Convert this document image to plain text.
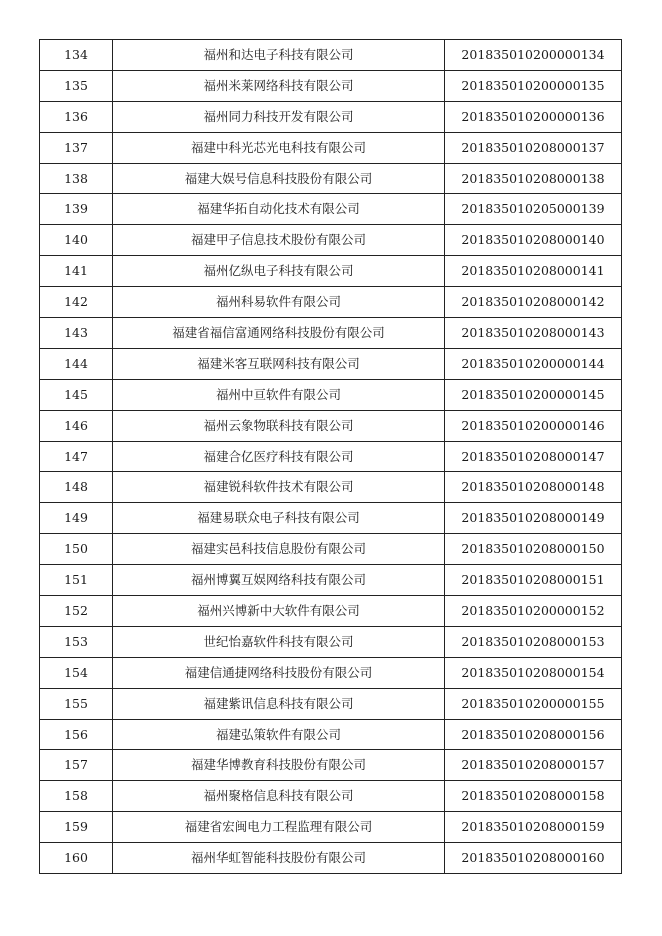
134	福州和达电子科技有限公司	201835010200000134
135	福州米莱网络科技有限公司	201835010200000135
136	福州同力科技开发有限公司	201835010200000136
137	福建中科光芯光电科技有限公司	201835010208000137
138	福建大娱号信息科技股份有限公司	201835010208000138
139	福建华拓自动化技术有限公司	201835010205000139
140	福建甲子信息技术股份有限公司	201835010208000140
141	福州亿纵电子科技有限公司	201835010208000141
142	福州科易软件有限公司	201835010208000142
143	福建省福信富通网络科技股份有限公司	201835010208000143
144	福建米客互联网科技有限公司	201835010200000144
145	福州中亘软件有限公司	201835010200000145
146	福州云象物联科技有限公司	201835010200000146
147	福建合亿医疗科技有限公司	201835010208000147
148	福建锐科软件技术有限公司	201835010208000148
149	福建易联众电子科技有限公司	201835010208000149
150	福建实邑科技信息股份有限公司	201835010208000150
151	福州博翼互娱网络科技有限公司	201835010208000151
152	福州兴博新中大软件有限公司	201835010200000152
153	世纪怡嘉软件科技有限公司	201835010208000153
154	福建信通捷网络科技股份有限公司	201835010208000154
155	福建紫讯信息科技有限公司	201835010200000155
156	福建弘策软件有限公司	201835010208000156
157	福建华博教育科技股份有限公司	201835010208000157
158	福州聚格信息科技有限公司	201835010208000158
159	福建省宏闽电力工程监理有限公司	201835010208000159
160	福州华虹智能科技股份有限公司	201835010208000160
